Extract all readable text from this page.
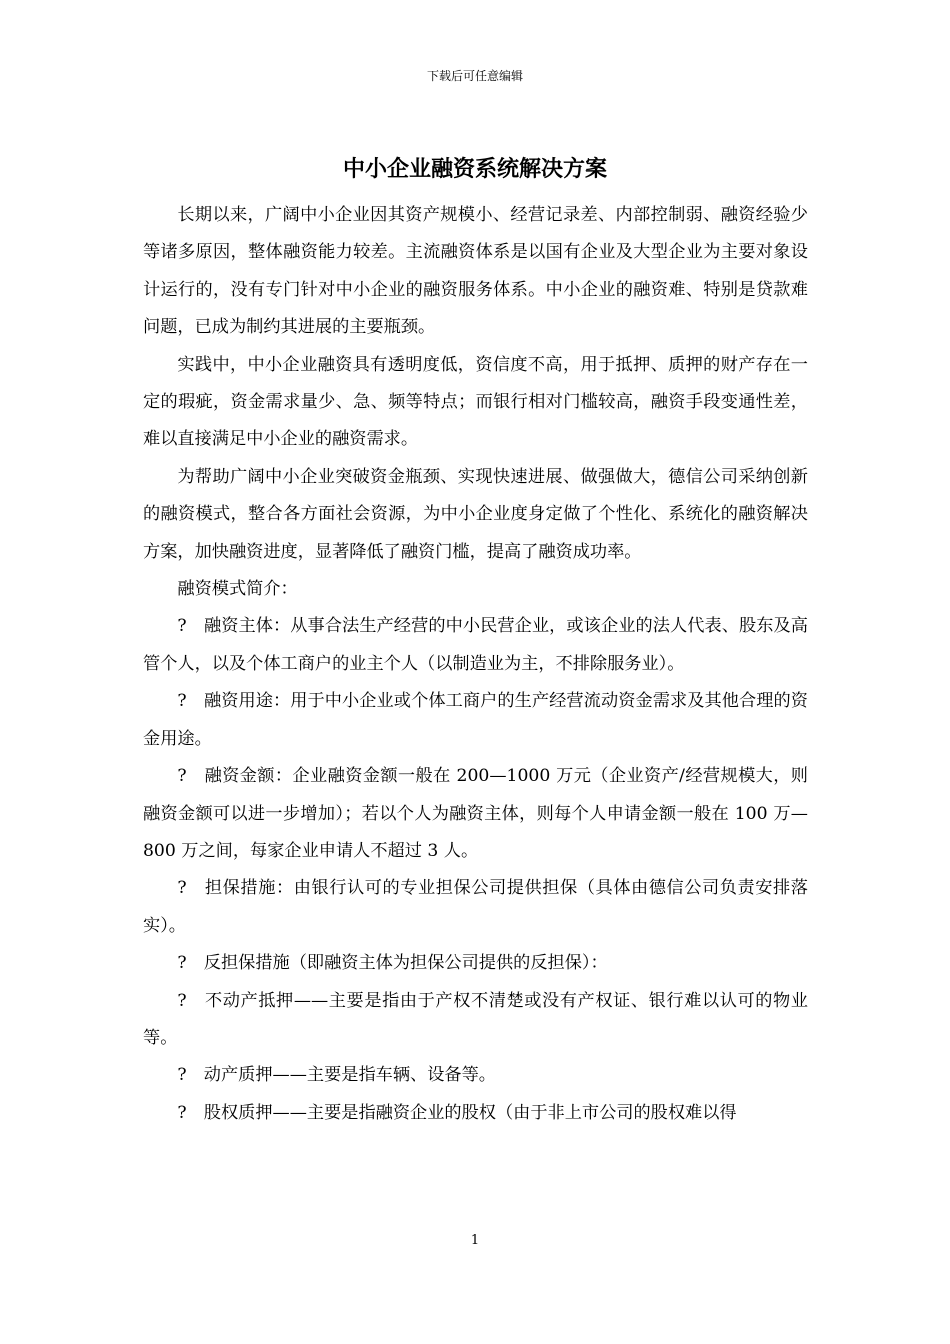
下载后可任意编辑
中小企业融资系统解决方案

长期以来，广阔中小企业因其资产规模小、经营记录差、内部控制弱、融资经验少等诸多原因，整体融资能力较差。主流融资体系是以国有企业及大型企业为主要对象设计运行的，没有专门针对中小企业的融资服务体系。中小企业的融资难、特别是贷款难问题，已成为制约其进展的主要瓶颈。

实践中，中小企业融资具有透明度低，资信度不高，用于抵押、质押的财产存在一定的瑕疵，资金需求量少、急、频等特点；而银行相对门槛较高，融资手段变通性差，难以直接满足中小企业的融资需求。

为帮助广阔中小企业突破资金瓶颈、实现快速进展、做强做大，德信公司采纳创新的融资模式，整合各方面社会资源，为中小企业度身定做了个性化、系统化的融资解决方案，加快融资进度，显著降低了融资门槛，提高了融资成功率。

融资模式简介：

?　融资主体：从事合法生产经营的中小民营企业，或该企业的法人代表、股东及高管个人，以及个体工商户的业主个人（以制造业为主，不排除服务业）。

?　融资用途：用于中小企业或个体工商户的生产经营流动资金需求及其他合理的资金用途。

?　融资金额：企业融资金额一般在 200—1000 万元（企业资产/经营规模大，则融资金额可以进一步增加）；若以个人为融资主体，则每个人申请金额一般在 100 万—800 万之间，每家企业申请人不超过 3 人。

?　担保措施：由银行认可的专业担保公司提供担保（具体由德信公司负责安排落实）。

?　反担保措施（即融资主体为担保公司提供的反担保）：

?　不动产抵押——主要是指由于产权不清楚或没有产权证、银行难以认可的物业等。

?　动产质押——主要是指车辆、设备等。

?　股权质押——主要是指融资企业的股权（由于非上市公司的股权难以得

1
